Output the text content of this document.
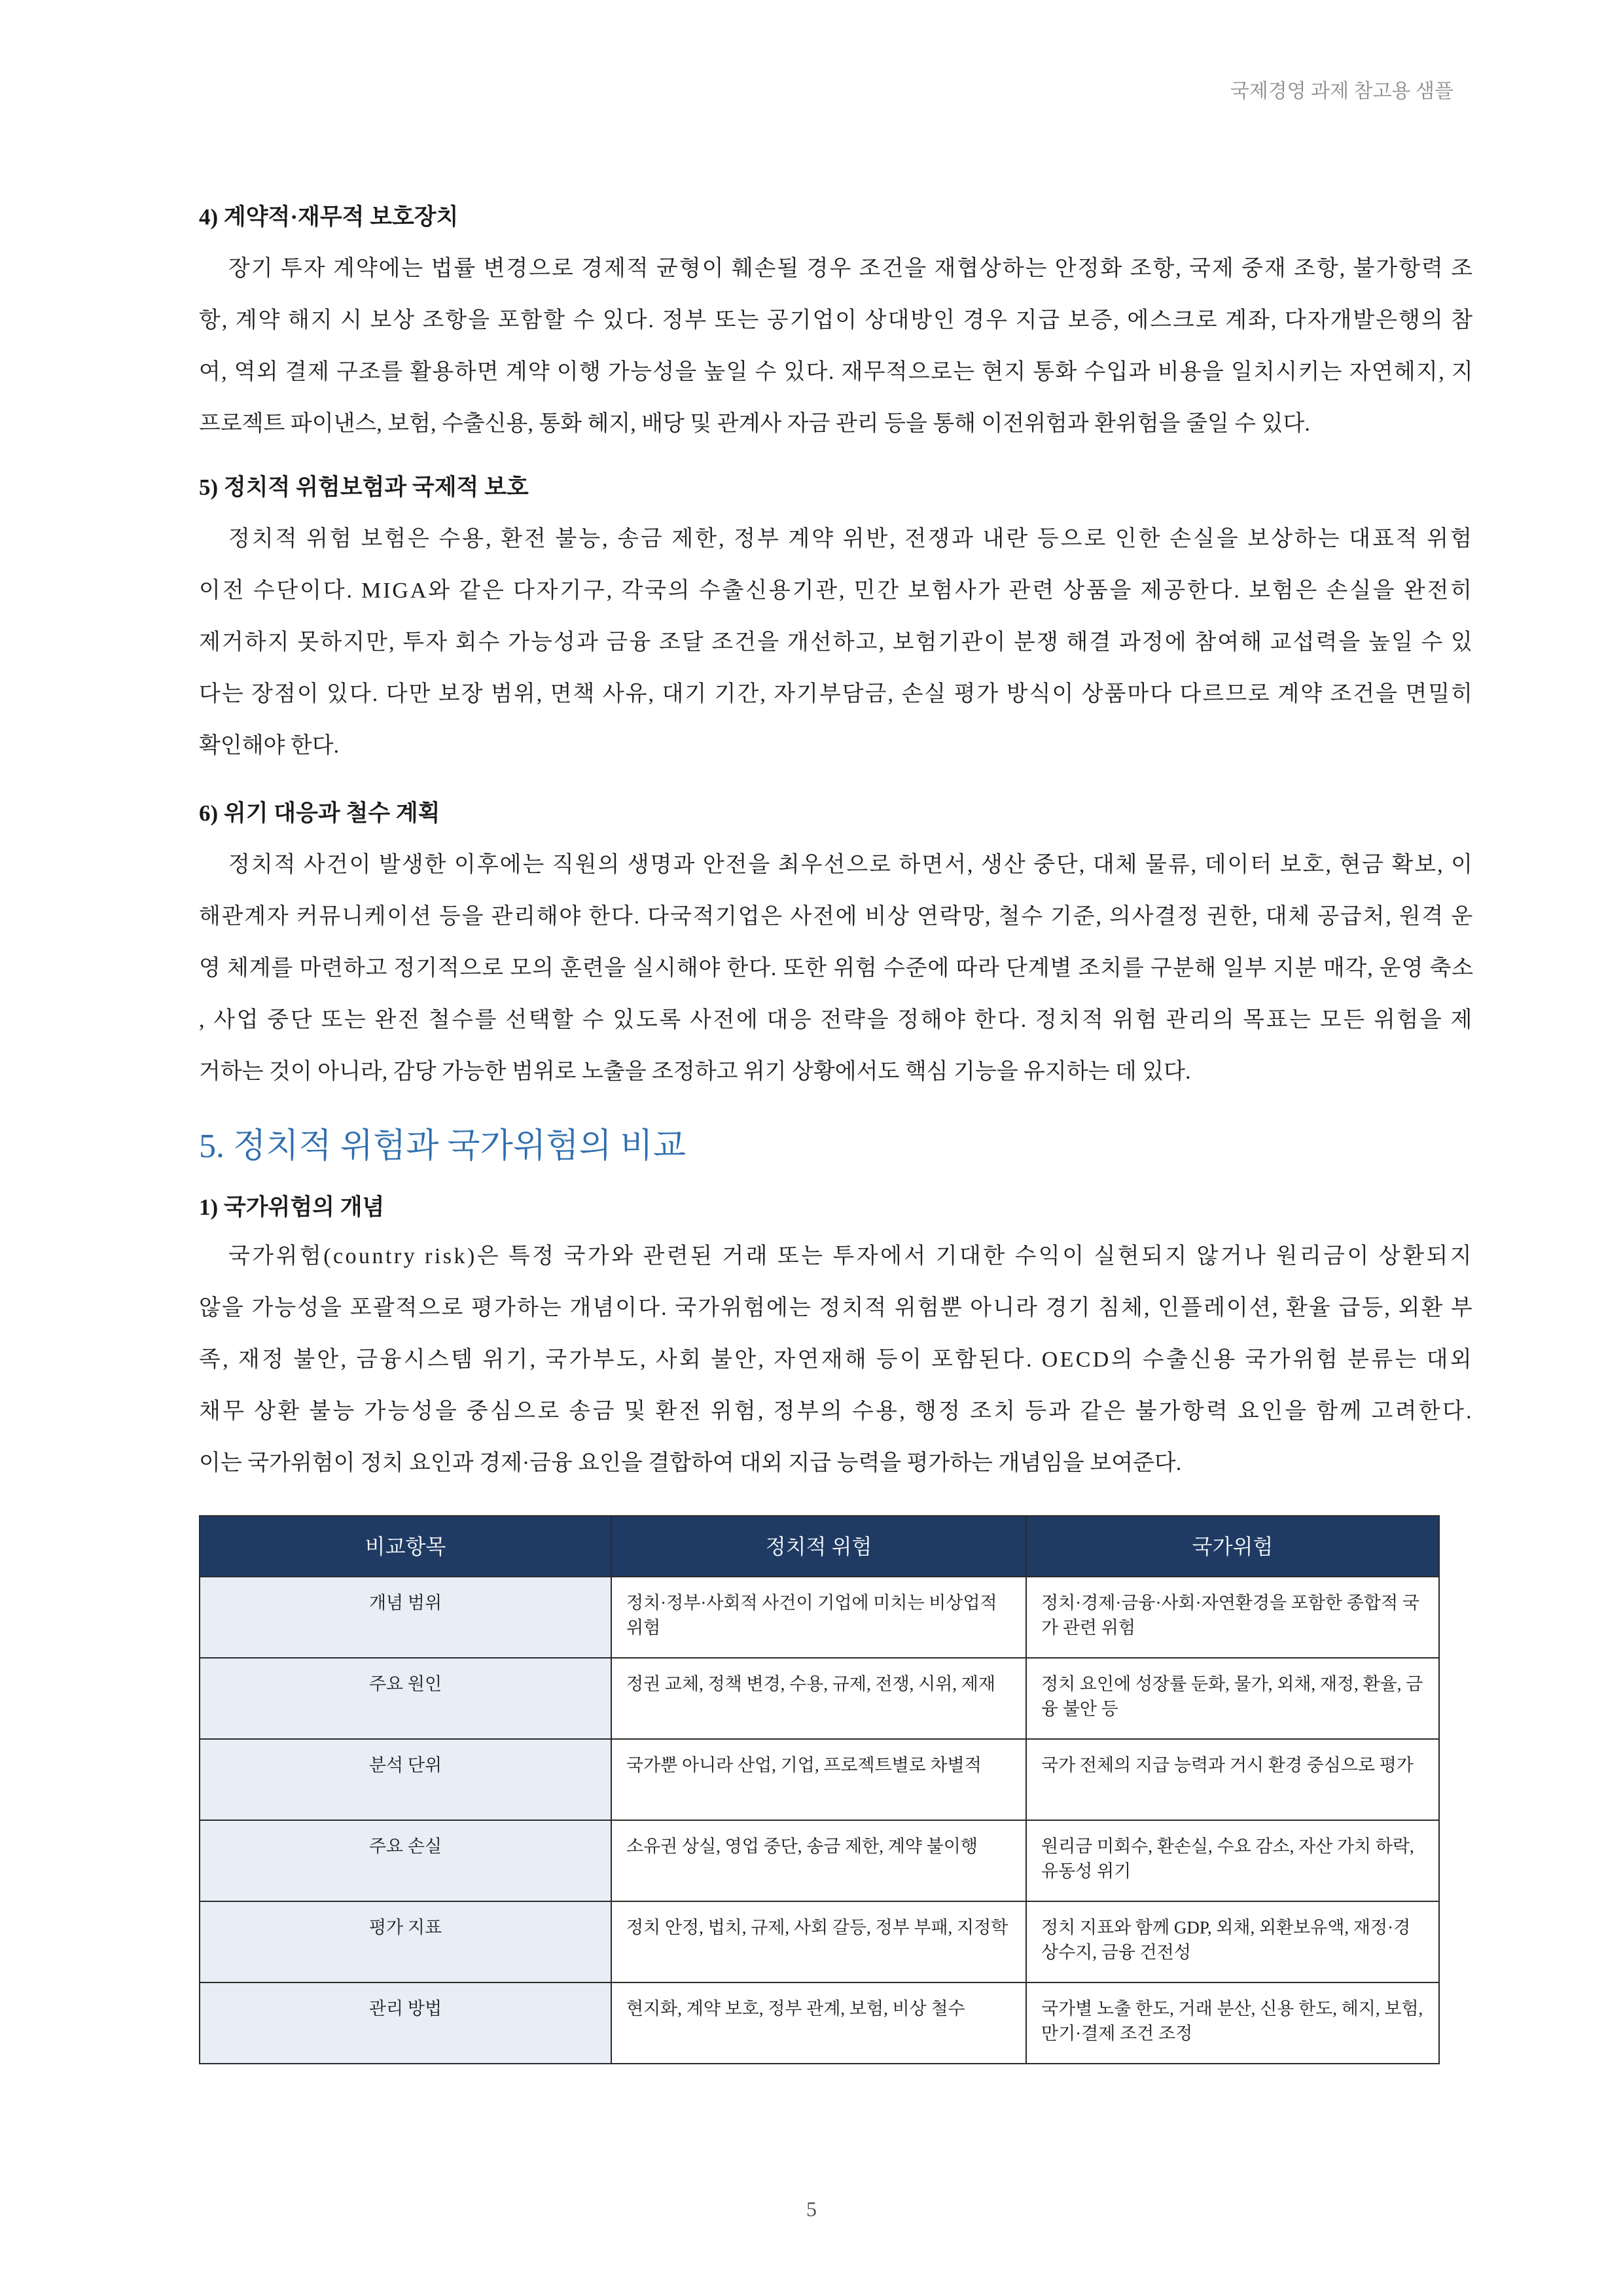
국제경영 과제 참고용 샘플
4) 계약적·재무적 보호장치
장기 투자 계약에는 법률 변경으로 경제적 균형이 훼손될 경우 조건을 재협상하는 안정화 조항, 국제 중재 조항, 불가항력 조
항, 계약 해지 시 보상 조항을 포함할 수 있다. 정부 또는 공기업이 상대방인 경우 지급 보증, 에스크로 계좌, 다자개발은행의 참
여, 역외 결제 구조를 활용하면 계약 이행 가능성을 높일 수 있다. 재무적으로는 현지 통화 수입과 비용을 일치시키는 자연헤지, 지
프로젝트 파이낸스, 보험, 수출신용, 통화 헤지, 배당 및 관계사 자금 관리 등을 통해 이전위험과 환위험을 줄일 수 있다.
5) 정치적 위험보험과 국제적 보호
정치적 위험 보험은 수용, 환전 불능, 송금 제한, 정부 계약 위반, 전쟁과 내란 등으로 인한 손실을 보상하는 대표적 위험
이전 수단이다. MIGA와 같은 다자기구, 각국의 수출신용기관, 민간 보험사가 관련 상품을 제공한다. 보험은 손실을 완전히
제거하지 못하지만, 투자 회수 가능성과 금융 조달 조건을 개선하고, 보험기관이 분쟁 해결 과정에 참여해 교섭력을 높일 수 있
다는 장점이 있다. 다만 보장 범위, 면책 사유, 대기 기간, 자기부담금, 손실 평가 방식이 상품마다 다르므로 계약 조건을 면밀히
확인해야 한다.
6) 위기 대응과 철수 계획
정치적 사건이 발생한 이후에는 직원의 생명과 안전을 최우선으로 하면서, 생산 중단, 대체 물류, 데이터 보호, 현금 확보, 이
해관계자 커뮤니케이션 등을 관리해야 한다. 다국적기업은 사전에 비상 연락망, 철수 기준, 의사결정 권한, 대체 공급처, 원격 운
영 체계를 마련하고 정기적으로 모의 훈련을 실시해야 한다. 또한 위험 수준에 따라 단계별 조치를 구분해 일부 지분 매각, 운영 축소
, 사업 중단 또는 완전 철수를 선택할 수 있도록 사전에 대응 전략을 정해야 한다. 정치적 위험 관리의 목표는 모든 위험을 제
거하는 것이 아니라, 감당 가능한 범위로 노출을 조정하고 위기 상황에서도 핵심 기능을 유지하는 데 있다.
5. 정치적 위험과 국가위험의 비교
1) 국가위험의 개념
국가위험(country risk)은 특정 국가와 관련된 거래 또는 투자에서 기대한 수익이 실현되지 않거나 원리금이 상환되지
않을 가능성을 포괄적으로 평가하는 개념이다. 국가위험에는 정치적 위험뿐 아니라 경기 침체, 인플레이션, 환율 급등, 외환 부
족, 재정 불안, 금융시스템 위기, 국가부도, 사회 불안, 자연재해 등이 포함된다. OECD의 수출신용 국가위험 분류는 대외
채무 상환 불능 가능성을 중심으로 송금 및 환전 위험, 정부의 수용, 행정 조치 등과 같은 불가항력 요인을 함께 고려한다.
이는 국가위험이 정치 요인과 경제·금융 요인을 결합하여 대외 지급 능력을 평가하는 개념임을 보여준다.
비교항목	정치적 위험	국가위험
개념 범위	정치·정부·사회적 사건이 기업에 미치는 비상업적 위험	정치·경제·금융·사회·자연환경을 포함한 종합적 국가 관련 위험
주요 원인	정권 교체, 정책 변경, 수용, 규제, 전쟁, 시위, 제재	정치 요인에 성장률 둔화, 물가, 외채, 재정, 환율, 금융 불안 등
분석 단위	국가뿐 아니라 산업, 기업, 프로젝트별로 차별적	국가 전체의 지급 능력과 거시 환경 중심으로 평가
주요 손실	소유권 상실, 영업 중단, 송금 제한, 계약 불이행	원리금 미회수, 환손실, 수요 감소, 자산 가치 하락, 유동성 위기
평가 지표	정치 안정, 법치, 규제, 사회 갈등, 정부 부패, 지정학	정치 지표와 함께 GDP, 외채, 외환보유액, 재정·경상수지, 금융 건전성
관리 방법	현지화, 계약 보호, 정부 관계, 보험, 비상 철수	국가별 노출 한도, 거래 분산, 신용 한도, 헤지, 보험, 만기·결제 조건 조정
5
